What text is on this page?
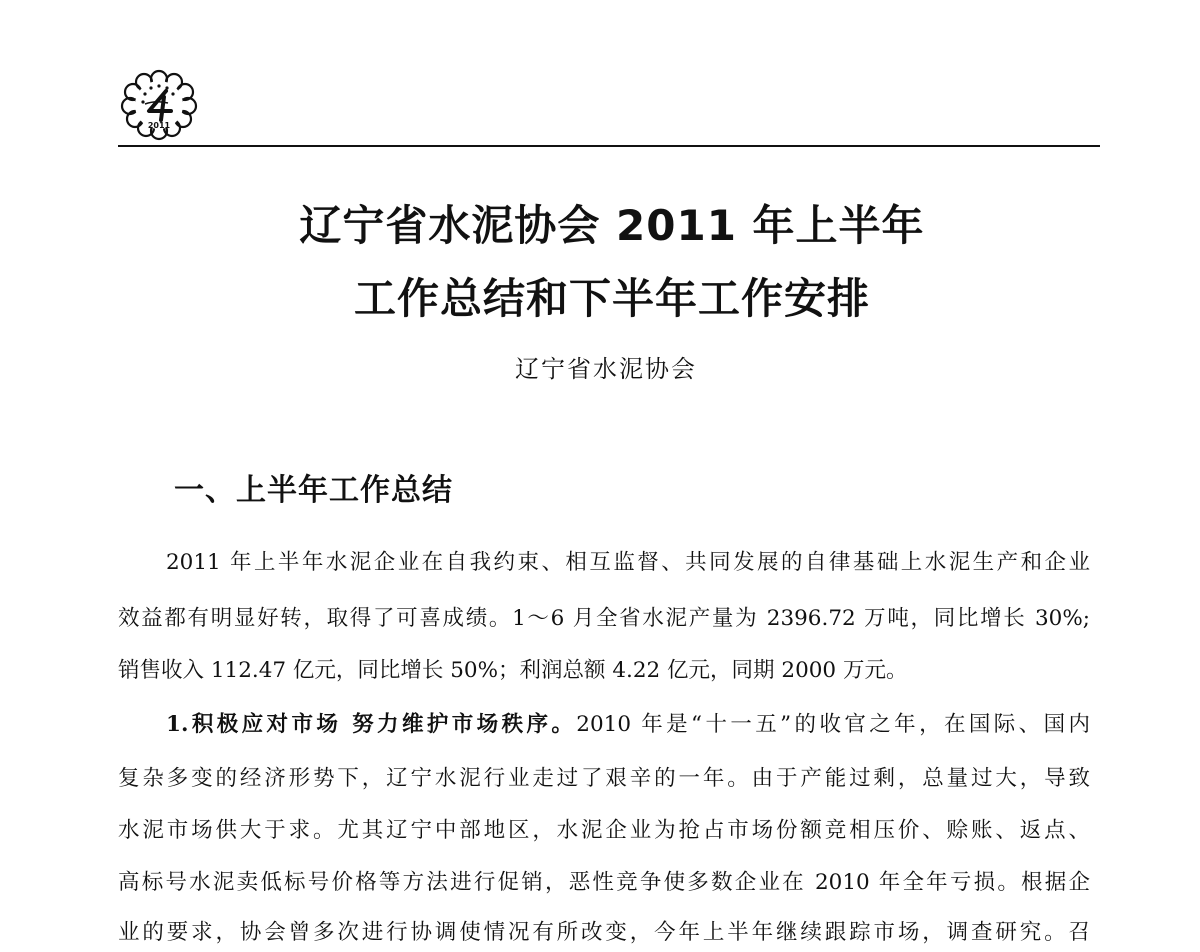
2011
辽宁省水泥协会 2011 年上半年
工作总结和下半年工作安排
辽宁省水泥协会
一、上半年工作总结
2011 年上半年水泥企业在自我约束、相互监督、共同发展的自律基础上水泥生产和企业
效益都有明显好转，取得了可喜成绩。1～6 月全省水泥产量为 2396.72 万吨，同比增长 30%;
销售收入 112.47 亿元，同比增长 50%；利润总额 4.22 亿元，同期 2000 万元。
1.积极应对市场 努力维护市场秩序。2010 年是“十一五”的收官之年，在国际、国内
复杂多变的经济形势下，辽宁水泥行业走过了艰辛的一年。由于产能过剩，总量过大，导致
水泥市场供大于求。尤其辽宁中部地区，水泥企业为抢占市场份额竞相压价、赊账、返点、
高标号水泥卖低标号价格等方法进行促销，恶性竞争使多数企业在 2010 年全年亏损。根据企
业的要求，协会曾多次进行协调使情况有所改变，今年上半年继续跟踪市场，调查研究。召
